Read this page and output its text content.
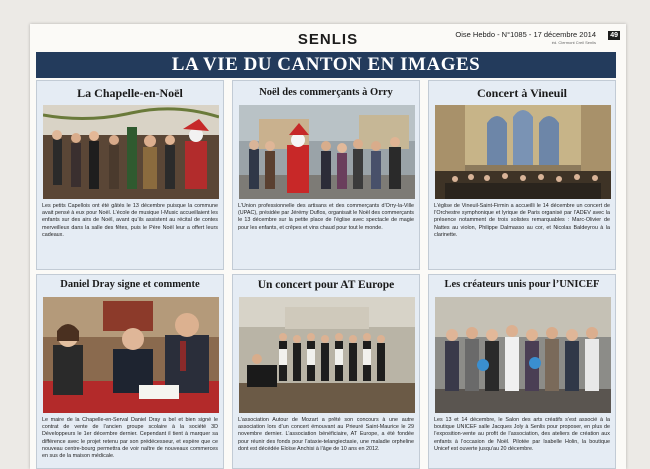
SENLIS	Oise Hebdo - N°1085 - 17 décembre 2014
éd. Clermont Creil Senlis
49
LA VIE DU CANTON EN IMAGES
La Chapelle-en-Noël
Les petits Capellois ont été gâtés le 13 décembre puisque la commune avait pensé à eux pour Noël. L’école de musique I-Music accueillaient les enfants sur des airs de Noël, avant qu’ils assistent au récital de contes merveilleux dans la salle des fêtes, puis le Père Noël leur a offert leurs cadeaux.
Noël des commerçants à Orry
L’Union professionnelle des artisans et des commerçants d’Orry-la-Ville (UPAC), présidée par Jérémy Duflos, organisait le Noël des commerçants le 13 décembre sur la petite place de l’église avec spectacle de magie pour les enfants, et crêpes et vins chaud pour tout le monde.
Concert à Vineuil
L’église de Vineuil-Saint-Firmin a accueilli le 14 décembre un concert de l’Orchestre symphonique et lyrique de Paris organisé par l’ADEV avec la présence notamment de trois solistes remarquables : Marc-Olivier de Nattes au violon, Philippe Dalmasso au cor, et Nicolas Baldeyrou à la clarinette.
Daniel Dray signe et commente
Le maire de la Chapelle-en-Serval Daniel Dray a bel et bien signé le contrat de vente de l’ancien groupe scolaire à la société 3D Développeurs le 1er décembre dernier. Cependant il tient à marquer sa différence avec le projet retenu par son prédécesseur, et espère que ce nouveau centre-bourg permettra de voir naître de nouveaux commerces en sus de la maison médicale.
Un concert pour AT Europe
L’association Autour de Mozart a prêté son concours à une autre association lors d’un concert émouvant au Prieuré Saint-Maurice le 29 novembre dernier. L’association bénéficiaire, AT Europe, a été fondée pour réunir des fonds pour l’ataxie-telangiectasie, une maladie orpheline dont est décédée Eloïse Anchisi à l’âge de 10 ans en 2012.
Les créateurs unis pour l’UNICEF
Les 13 et 14 décembre, le Salon des arts créatifs s’est associé à la boutique UNICEF salle Jacques Joly à Senlis pour proposer, en plus de l’exposition-vente au profit de l’association, des ateliers de création aux enfants à l’occasion de Noël. Pilotée par Isabelle Holin, la boutique Unicef est ouverte jusqu’au 20 décembre.
